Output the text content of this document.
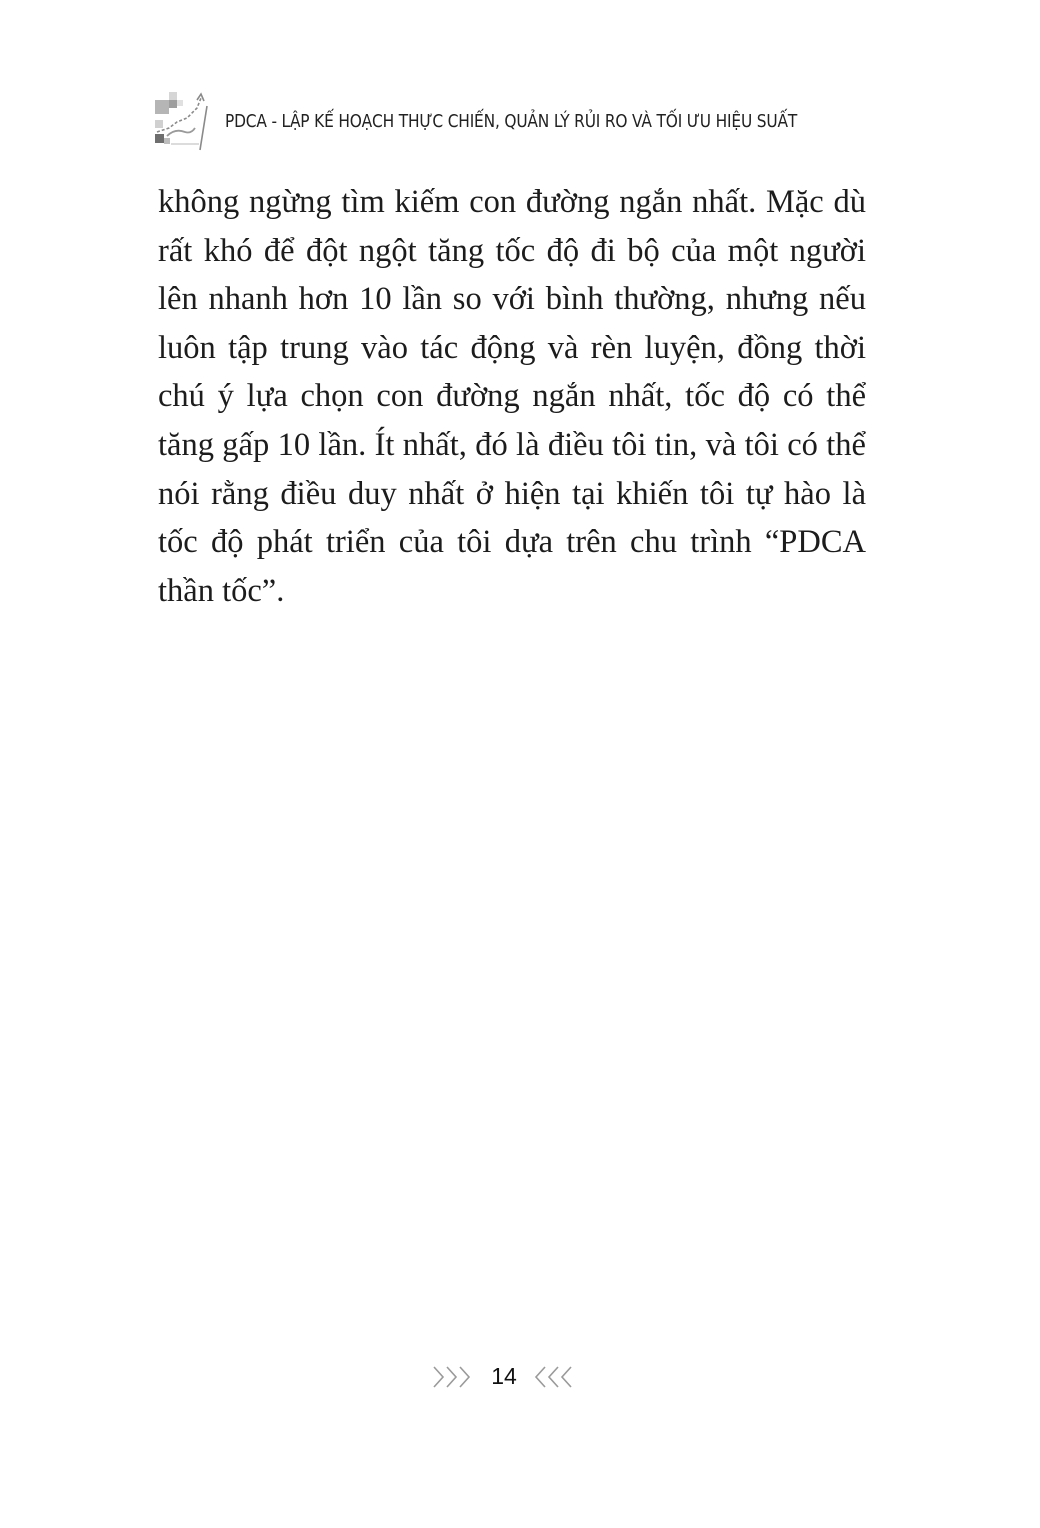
PDCA - LẬP KẾ HOẠCH THỰC CHIẾN, QUẢN LÝ RỦI RO VÀ TỐI ƯU HIỆU SUẤT

không ngừng tìm kiếm con đường ngắn nhất. Mặc dù rất khó để đột ngột tăng tốc độ đi bộ của một người lên nhanh hơn 10 lần so với bình thường, nhưng nếu luôn tập trung vào tác động và rèn luyện, đồng thời chú ý lựa chọn con đường ngắn nhất, tốc độ có thể tăng gấp 10 lần. Ít nhất, đó là điều tôi tin, và tôi có thể nói rằng điều duy nhất ở hiện tại khiến tôi tự hào là tốc độ phát triển của tôi dựa trên chu trình “PDCA thần tốc”.

14
